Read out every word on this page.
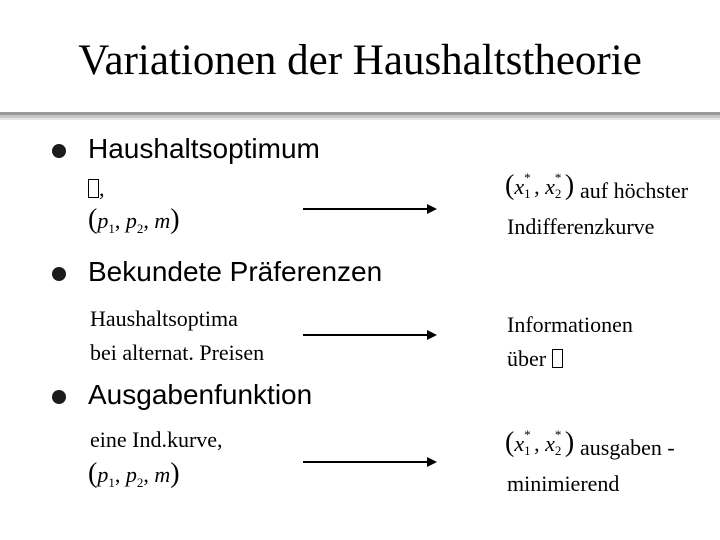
Variationen der Haushaltstheorie
Haushaltsoptimum
,
($p_1$, $p_2$, m)
(x *
1 , x *
2 ) auf höchster
Indifferenzkurve
Bekundete Präferenzen
Haushaltsoptima
bei alternat. Preisen
Informationen
über
Ausgabenfunktion
eine Ind.kurve,
($p_1$, $p_2$, m)
(x *
1 , x *
2 ) ausgaben -
minimierend
